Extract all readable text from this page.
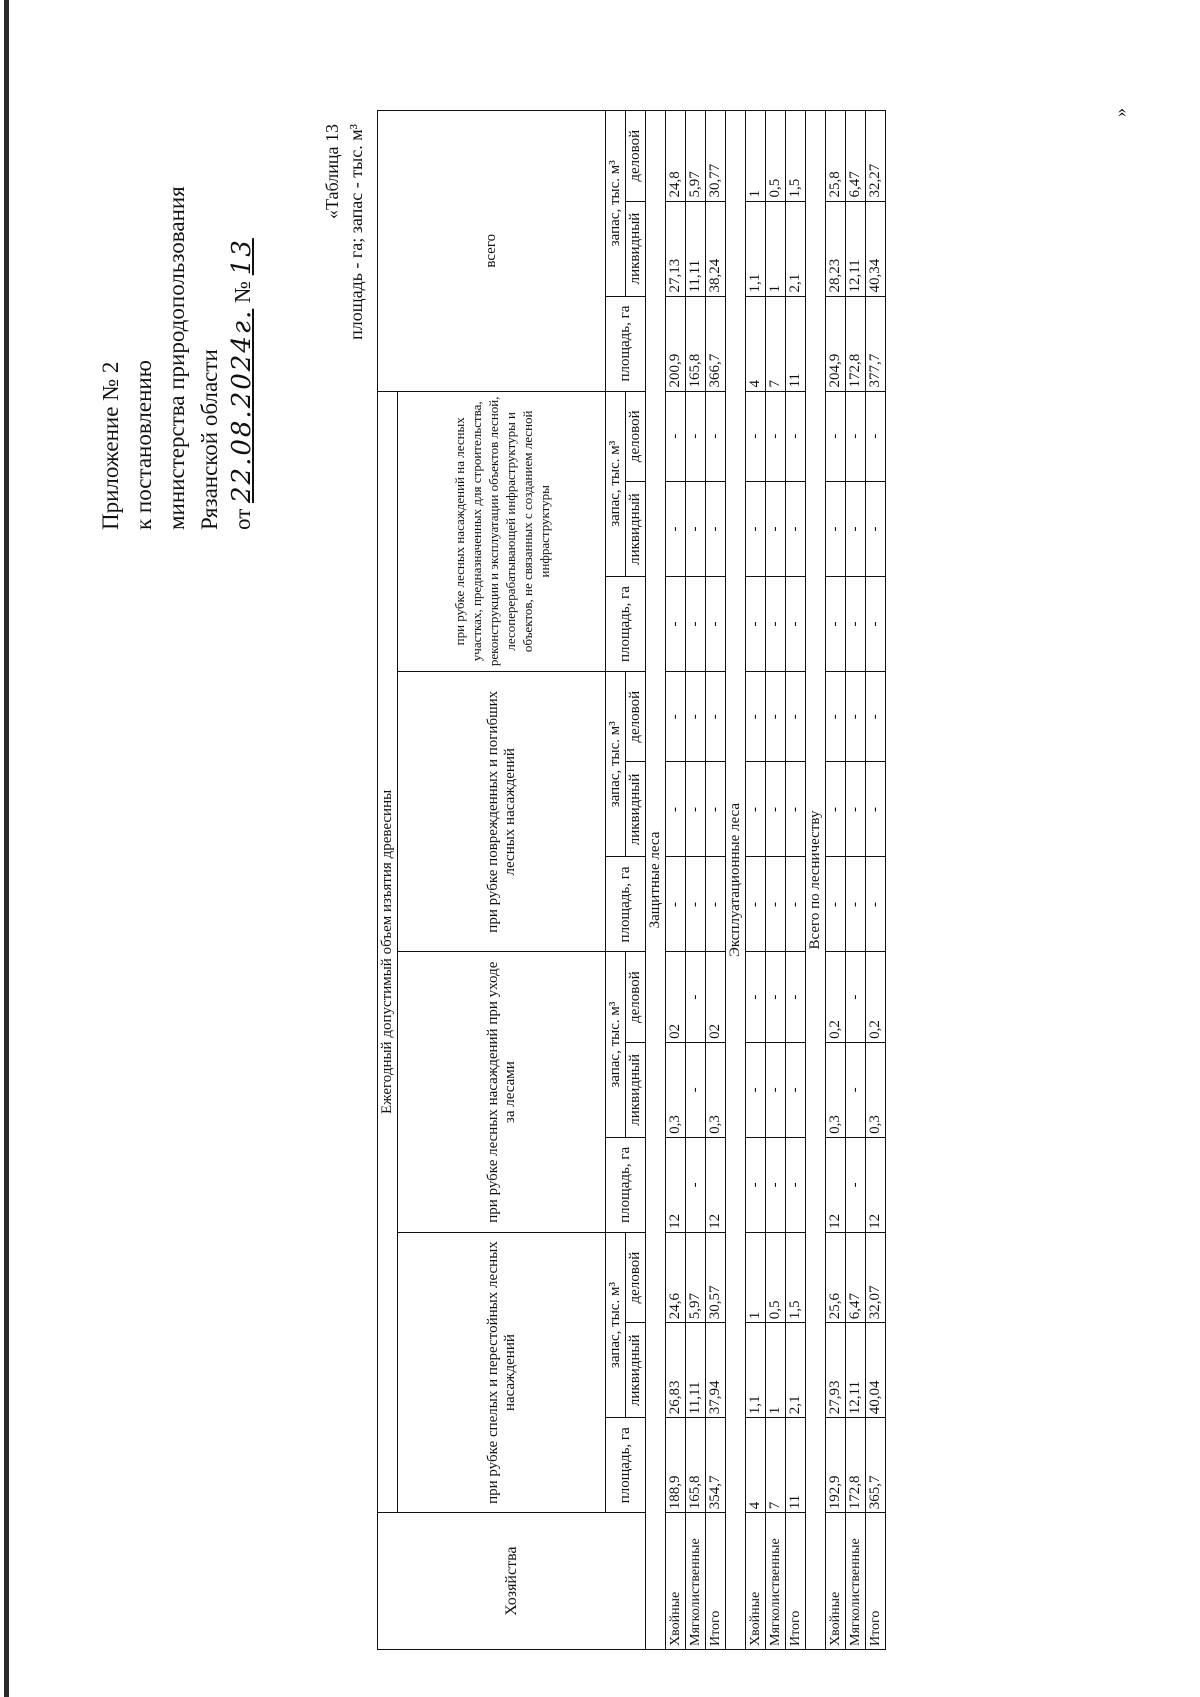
Приложение № 2 к постановлению министерства природопользования Рязанской области от 22.08.2024г. № 13
«Таблица 13 площадь - га; запас - тыс. м³
Хозяйства	Ежегодный допустимый объем изъятия древесины												всего		
	при рубке спелых и перестойных лесных насаждений			при рубке лесных насаждений при уходе за лесами			при рубке поврежденных и погибших лесных насаждений			при рубке лесных насаждений на лесных участках, предназначенных для строительства, реконструкции и эксплуатации объектов лесной, лесоперерабатывающей инфраструктуры и объектов, не связанных с созданием лесной инфраструктуры					
	площадь, га	запас, тыс. м³		площадь, га	запас, тыс. м³		площадь, га	запас, тыс. м³		площадь, га	запас, тыс. м³		площадь, га	запас, тыс. м³	
		ликвидный	деловой		ликвидный	деловой		ликвидный	деловой		ликвидный	деловой		ликвидный	деловой
Защитные леса															
Хвойные	188,9	26,83	24,6	12	0,3	02	-	-	-	-	-	-	200,9	27,13	24,8
Мягколиственные	165,8	11,11	5,97	-	-	-	-	-	-	-	-	-	165,8	11,11	5,97
Итого	354,7	37,94	30,57	12	0,3	02	-	-	-	-	-	-	366,7	38,24	30,77
Эксплуатационные леса															
Хвойные	4	1,1	1	-	-	-	-	-	-	-	-	-	4	1,1	1
Мягколиственные	7	1	0,5	-	-	-	-	-	-	-	-	-	7	1	0,5
Итого	11	2,1	1,5	-	-	-	-	-	-	-	-	-	11	2,1	1,5
Всего по лесничеству															
Хвойные	192,9	27,93	25,6	12	0,3	0,2	-	-	-	-	-	-	204,9	28,23	25,8
Мягколиственные	172,8	12,11	6,47	-	-	-	-	-	-	-	-	-	172,8	12,11	6,47
Итого	365,7	40,04	32,07	12	0,3	0,2	-	-	-	-	-	-	377,7	40,34	32,27
»
